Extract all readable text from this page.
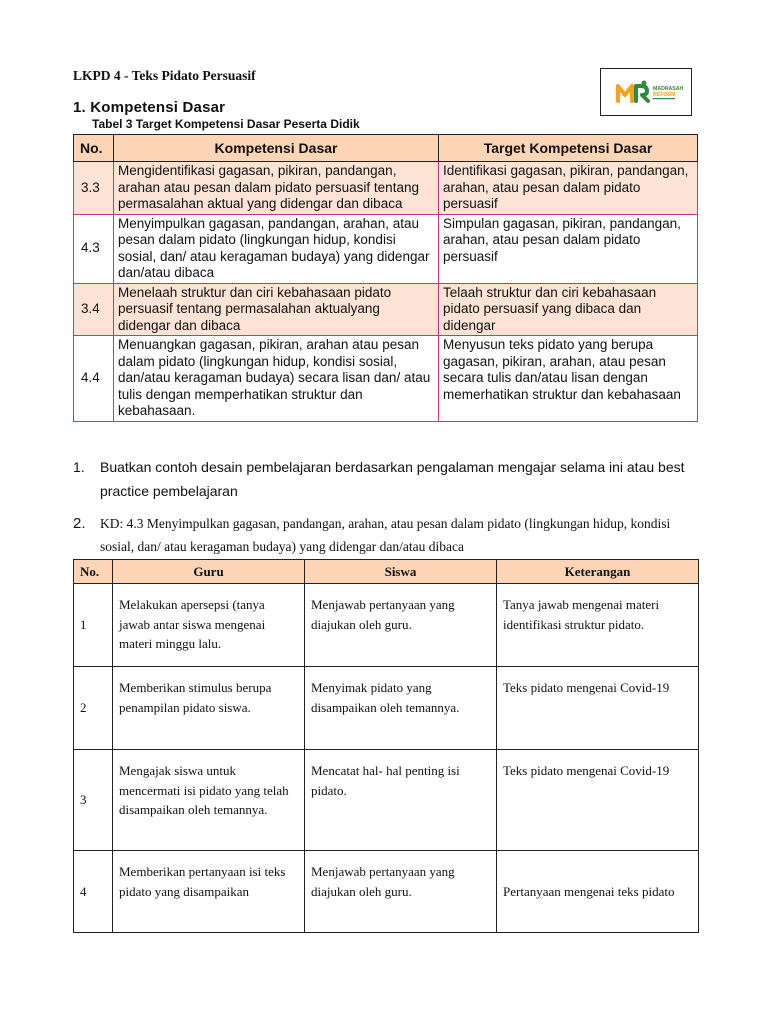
LKPD 4 - Teks Pidato Persuasif
MADRASAH
REFORM
1. Kompetensi Dasar
Tabel 3 Target Kompetensi Dasar Peserta Didik
No.	Kompetensi Dasar	Target Kompetensi Dasar
3.3	Mengidentifikasi gagasan, pikiran, pandangan, arahan atau pesan dalam pidato persuasif tentang permasalahan aktual yang didengar dan dibaca	Identifikasi gagasan, pikiran, pandangan, arahan, atau pesan dalam pidato persuasif
4.3	Menyimpulkan gagasan, pandangan, arahan, atau pesan dalam pidato (lingkungan hidup, kondisi sosial, dan/ atau keragaman budaya) yang didengar dan/atau dibaca	Simpulan gagasan, pikiran, pandangan, arahan, atau pesan dalam pidato persuasif
3.4	Menelaah struktur dan ciri kebahasaan pidato persuasif tentang permasalahan aktualyang didengar dan dibaca	Telaah struktur dan ciri kebahasaan pidato persuasif yang dibaca dan didengar
4.4	Menuangkan gagasan, pikiran, arahan atau pesan dalam pidato (lingkungan hidup, kondisi sosial, dan/atau keragaman budaya) secara lisan dan/ atau tulis dengan memperhatikan struktur dan kebahasaan.	Menyusun teks pidato yang berupa gagasan, pikiran, arahan, atau pesan secara tulis dan/atau lisan dengan memerhatikan struktur dan kebahasaan
1. Buatkan contoh desain pembelajaran berdasarkan pengalaman mengajar selama ini atau best practice pembelajaran
2. KD: 4.3 Menyimpulkan gagasan, pandangan, arahan, atau pesan dalam pidato (lingkungan hidup, kondisi sosial, dan/ atau keragaman budaya) yang didengar dan/atau dibaca
No.	Guru	Siswa	Keterangan
1	Melakukan apersepsi (tanya jawab antar siswa mengenai materi minggu lalu.	Menjawab pertanyaan yang diajukan oleh guru.	Tanya jawab mengenai materi identifikasi struktur pidato.
2	Memberikan stimulus berupa penampilan pidato siswa.	Menyimak pidato yang disampaikan oleh temannya.	Teks pidato mengenai Covid-19
3	Mengajak siswa untuk mencermati isi pidato yang telah disampaikan oleh temannya.	Mencatat hal- hal penting isi pidato.	Teks pidato mengenai Covid-19
4	Memberikan pertanyaan isi teks pidato yang disampaikan	Menjawab pertanyaan yang diajukan oleh guru.	Pertanyaan mengenai teks pidato
